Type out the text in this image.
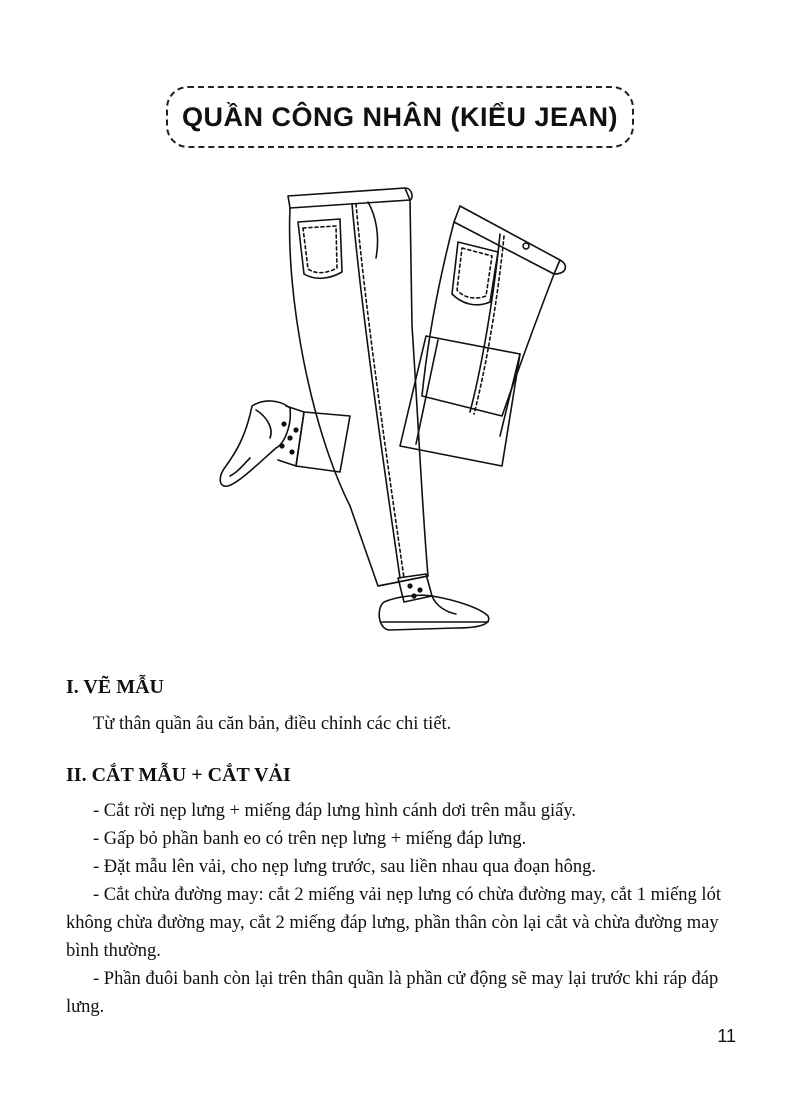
QUẦN CÔNG NHÂN (KIỂU JEAN)
I. VẼ MẪU

Từ thân quần âu căn bản, điều chỉnh các chi tiết.

II. CẮT MẪU + CẮT VẢI

- Cắt rời nẹp lưng + miếng đáp lưng hình cánh dơi trên mẫu giấy.

- Gấp bỏ phần banh eo có trên nẹp lưng + miếng đáp lưng.

- Đặt mẫu lên vải, cho nẹp lưng trước, sau liền nhau qua đoạn hông.

- Cắt chừa đường may: cắt 2 miếng vải nẹp lưng có chừa đường may, cắt 1 miếng lót không chừa đường may, cắt 2 miếng đáp lưng, phần thân còn lại cắt và chừa đường may bình thường.

- Phần đuôi banh còn lại trên thân quần là phần cử động sẽ may lại trước khi ráp đáp lưng.

11
